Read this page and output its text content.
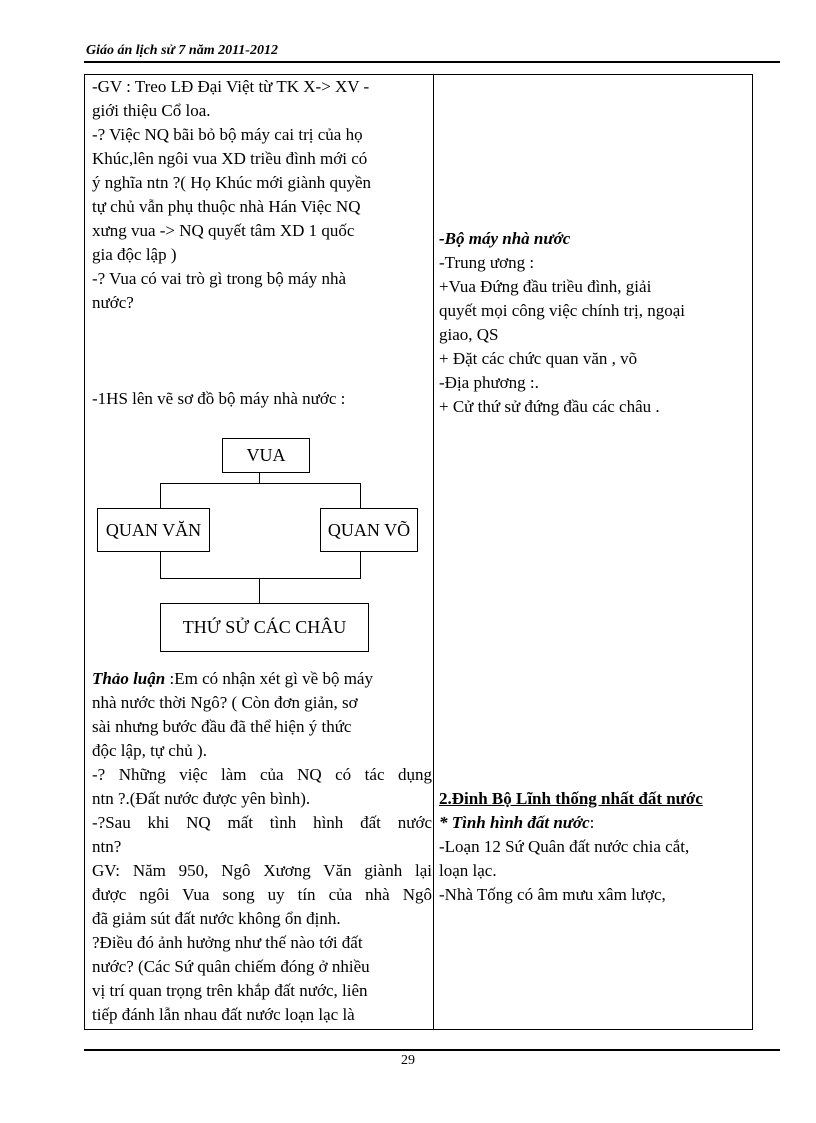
Giáo án lịch sử 7 năm 2011-2012
-GV : Treo LĐ Đại Việt từ TK X-> XV -
giới thiệu Cổ loa.
-? Việc NQ bãi bỏ bộ máy cai trị của họ
Khúc,lên ngôi vua XD triều đình mới có
ý nghĩa ntn ?( Họ Khúc mới giành quyền
tự chủ vẫn phụ thuộc nhà Hán Việc NQ
xưng vua -> NQ quyết tâm XD 1 quốc
gia độc lập )
-? Vua có vai trò gì trong bộ máy nhà
nước?
-1HS lên vẽ sơ đồ bộ máy nhà nước :
VUA
QUAN VĂN	QUAN VÕ
THỨ SỬ CÁC CHÂU
Thảo luận :Em có nhận xét gì về bộ máy
nhà nước thời Ngô? ( Còn đơn giản, sơ
sài nhưng bước đầu đã thể hiện ý thức
độc lập, tự chủ ).
-? Những việc làm của NQ có tác dụng
ntn ?.(Đất nước được yên bình).
-?Sau khi NQ mất tình hình đất nước
ntn?
GV: Năm 950, Ngô Xương Văn giành lại
được ngôi Vua song uy tín của nhà Ngô
đã giảm sút đất nước không ổn định.
?Điều đó ảnh hưởng như thế nào tới đất
nước? (Các Sứ quân chiếm đóng ở nhiều
vị trí quan trọng trên khắp đất nước, liên
tiếp đánh lẫn nhau đất nước loạn lạc là
-Bộ máy nhà nước
-Trung ương :
+Vua Đứng đầu triều đình, giải
quyết mọi công việc chính trị, ngoại
giao, QS
+ Đặt các chức quan văn , võ
-Địa phương :.
+ Cử thứ sử đứng đầu các châu .
2.Đinh Bộ Lĩnh thống nhất đất nước
* Tình hình đất nước:
-Loạn 12 Sứ Quân đất nước chia cắt,
loạn lạc.
-Nhà Tống có âm mưu xâm lược,
29
